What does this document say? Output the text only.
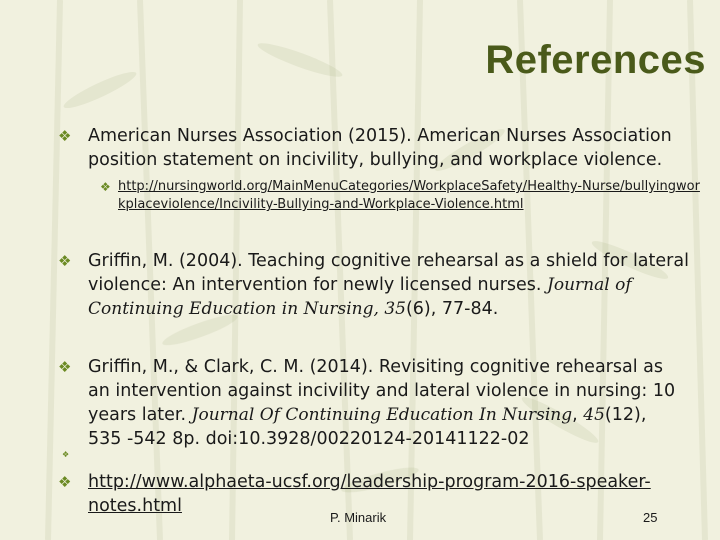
References
❖ American Nurses Association (2015). American Nurses Association position statement on incivility, bullying, and workplace violence.
❖ http://nursingworld.org/MainMenuCategories/WorkplaceSafety/Healthy-Nurse/bullyingworkplaceviolence/Incivility-Bullying-and-Workplace-Violence.html
❖ Griffin, M. (2004). Teaching cognitive rehearsal as a shield for lateral violence: An intervention for newly licensed nurses. Journal of Continuing Education in Nursing, 35(6), 77-84.
❖ Griffin, M., & Clark, C. M. (2014). Revisiting cognitive rehearsal as an intervention against incivility and lateral violence in nursing: 10 years later. Journal Of Continuing Education In Nursing, 45(12), 535 -542 8p. doi:10.3928/00220124-20141122-02
❖
❖ http://www.alphaeta-ucsf.org/leadership-program-2016-speaker-notes.html
P. Minarik	25
